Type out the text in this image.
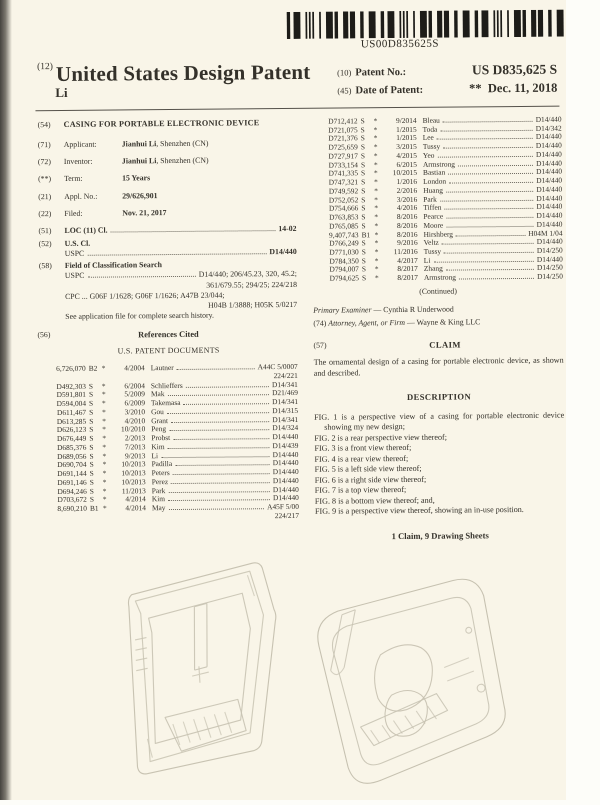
US00D835625S
$^{(12)}$ United States Design Patent
Li
(10) Patent No.:	US D835,625 S
(45) Date of Patent:	** Dec. 11, 2018
(54)	CASING FOR PORTABLE ELECTRONIC DEVICE
(71)	Applicant:	Jianhui Li, Shenzhen (CN)
(72)	Inventor:	Jianhui Li, Shenzhen (CN)
(**)	Term:	15 Years
(21)	Appl. No.:	29/626,901
(22)	Filed:	Nov. 21, 2017
(51)	LOC (11) Cl.	14-02
(52)	U.S. Cl.
USPC	D14/440
(58)	Field of Classification Search
USPC	D14/440; 206/45.23, 320, 45.2;
361/679.55; 294/25; 224/218
CPC ... G06F 1/1628; G06F 1/1626; A47B 23/044;
H04B 1/3888; H05K 5/0217
See application file for complete search history.
(56)	References Cited
U.S. PATENT DOCUMENTS
6,726,070 B2 *	4/2004 Lautner	A44C 5/0007
224/221
D492,303 S	*	6/2004 Schlieffers	D14/341
D591,801 S	*	5/2009 Mak	D21/469
D594,004 S	*	6/2009 Takemasa	D14/341
D611,467 S	*	3/2010 Gou	D14/315
D613,285 S	*	4/2010 Grant	D14/341
D626,123 S	*	10/2010 Peng	D14/324
D676,449 S	*	2/2013 Probst	D14/440
D685,376 S	*	7/2013 Kim	D14/439
D689,056 S	*	9/2013 Li	D14/440
D690,704 S	*	10/2013 Padilla	D14/440
D691,144 S	*	10/2013 Peters	D14/440
D691,146 S	*	10/2013 Perez	D14/440
D694,246 S	*	11/2013 Park	D14/440
D703,672 S	*	4/2014 Kim	D14/440
8,690,210 B1 *	4/2014 May	A45F 5/00
224/217
D712,412 S	*	9/2014 Bleau	D14/440
D721,075 S	*	1/2015 Toda	D14/342
D721,376 S	*	1/2015 Lee	D14/440
D725,659 S	*	3/2015 Tussy	D14/440
D727,917 S	*	4/2015 Yeo	D14/440
D733,154 S	*	6/2015 Armstrong	D14/440
D741,335 S	*	10/2015 Bastian	D14/440
D747,321 S	*	1/2016 London	D14/440
D749,592 S	*	2/2016 Huang	D14/440
D752,052 S	*	3/2016 Park	D14/440
D754,666 S	*	4/2016 Tiffen	D14/440
D763,853 S	*	8/2016 Pearce	D14/440
D765,085 S	*	8/2016 Moore	D14/440
9,407,743 B1 *	8/2016 Hirshberg	H04M 1/04
D766,249 S	*	9/2016 Veltz	D14/440
D771,030 S	*	11/2016 Tussy	D14/250
D784,350 S	*	4/2017 Li	D14/440
D794,007 S	*	8/2017 Zhang	D14/250
D794,625 S	*	8/2017 Armstrong	D14/250
(Continued)
Primary Examiner — Cynthia R Underwood
(74) Attorney, Agent, or Firm — Wayne & King LLC
(57)	CLAIM
The ornamental design of a casing for portable electronic device, as shown and described.
DESCRIPTION
FIG. 1 is a perspective view of a casing for portable electronic device showing my new design;
FIG. 2 is a rear perspective view thereof;
FIG. 3 is a front view thereof;
FIG. 4 is a rear view thereof;
FIG. 5 is a left side view thereof;
FIG. 6 is a right side view thereof;
FIG. 7 is a top view thereof;
FIG. 8 is a bottom view thereof; and,
FIG. 9 is a perspective view thereof, showing an in-use position.
1 Claim, 9 Drawing Sheets
